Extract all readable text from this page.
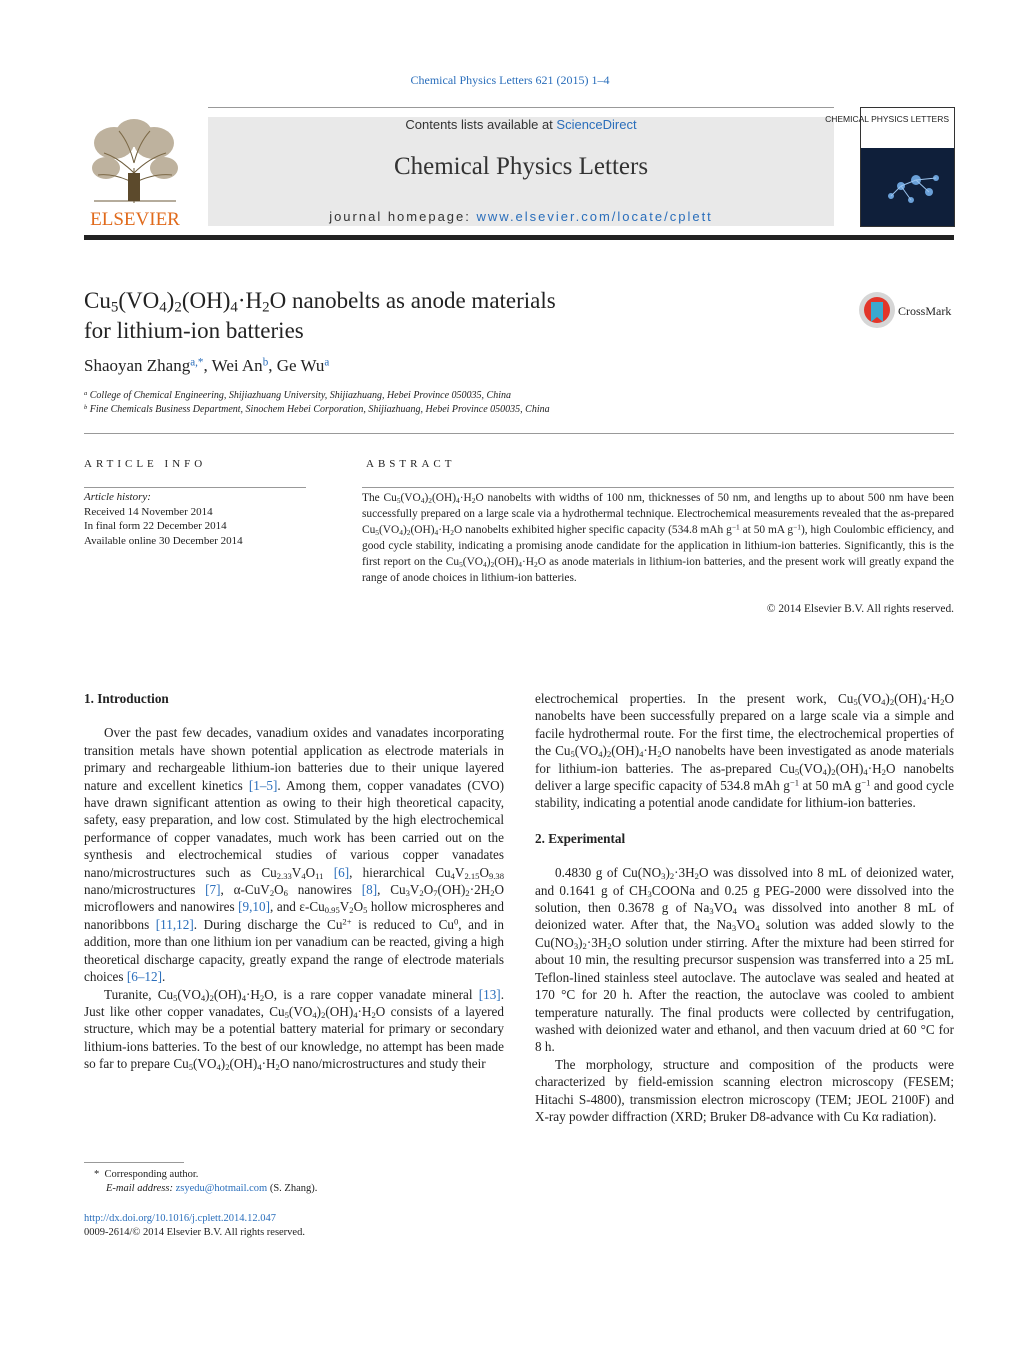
Chemical Physics Letters 621 (2015) 1–4
ELSEVIER
Contents lists available at ScienceDirect
Chemical Physics Letters
journal homepage: www.elsevier.com/locate/cplett
CHEMICAL PHYSICS LETTERS
$Cu_5(VO_4)_2(OH)_4\cdot H_2O$ nanobelts as anode materials
for lithium-ion batteries
CrossMark
Shaoyan Zhang$^{a,*}$, Wei An$^b$, Ge Wu$^a$
$^a$ College of Chemical Engineering, Shijiazhuang University, Shijiazhuang, Hebei Province 050035, China
$^b$ Fine Chemicals Business Department, Sinochem Hebei Corporation, Shijiazhuang, Hebei Province 050035, China
ARTICLE INFO
Article history:
Received 14 November 2014
In final form 22 December 2014
Available online 30 December 2014
ABSTRACT
The $Cu_5(VO_4)_2(OH)_4\cdot H_2O$ nanobelts with widths of 100 nm, thicknesses of 50 nm, and lengths up to about 500 nm have been successfully prepared on a large scale via a hydrothermal technique. Electrochemical measurements revealed that the as-prepared $Cu_5(VO_4)_2(OH)_4\cdot H_2O$ nanobelts exhibited higher specific capacity (534.8 mAh $g^{-1}$ at 50 mA $g^{-1}$), high Coulombic efficiency, and good cycle stability, indicating a promising anode candidate for the application in lithium-ion batteries. Significantly, this is the first report on the $Cu_5(VO_4)_2(OH)_4\cdot H_2O$ as anode materials in lithium-ion batteries, and the present work will greatly expand the range of anode choices in lithium-ion batteries.
© 2014 Elsevier B.V. All rights reserved.
1. Introduction

Over the past few decades, vanadium oxides and vanadates incorporating transition metals have shown potential application as electrode materials in primary and rechargeable lithium-ion batteries due to their unique layered nature and excellent kinetics [1–5]. Among them, copper vanadates (CVO) have drawn significant attention as owing to their high theoretical capacity, safety, easy preparation, and low cost. Stimulated by the high electrochemical performance of copper vanadates, much work has been carried out on the synthesis and electrochemical studies of various copper vanadates nano/microstructures such as $Cu_{2.33}V_4O_{11}$ [6], hierarchical $Cu_4V_{2.15}O_{9.38}$ nano/microstructures [7], $\alpha-CuV_2O_6$ nanowires [8], $Cu_3V_2O_7(OH)_2\cdot 2H_2O$ microflowers and nanowires [9,10], and $\varepsilon-Cu_{0.95}V_2O_5$ hollow microspheres and nanoribbons [11,12]. During discharge the $Cu^{2+}$ is reduced to Cu$^0$, and in addition, more than one lithium ion per vanadium can be reacted, giving a high theoretical discharge capacity, greatly expand the range of electrode materials choices [6–12].

Turanite, $Cu_5(VO_4)_2(OH)_4\cdot H_2O$, is a rare copper vanadate mineral [13]. Just like other copper vanadates, $Cu_5(VO_4)_2(OH)_4\cdot H_2O$ consists of a layered structure, which may be a potential battery material for primary or secondary lithium-ions batteries. To the best of our knowledge, no attempt has been made so far to prepare $Cu_5(VO_4)_2(OH)_4\cdot H_2O$ nano/microstructures and study their

electrochemical properties. In the present work, $Cu_5(VO_4)_2(OH)_4\cdot H_2O$ nanobelts have been successfully prepared on a large scale via a simple and facile hydrothermal route. For the first time, the electrochemical properties of the $Cu_5(VO_4)_2(OH)_4\cdot H_2O$ nanobelts have been investigated as anode materials for lithium-ion batteries. The as-prepared $Cu_5(VO_4)_2(OH)_4\cdot H_2O$ nanobelts deliver a large specific capacity of 534.8 mAh $g^{-1}$ at 50 mA $g^{-1}$ and good cycle stability, indicating a potential anode candidate for lithium-ion batteries.

2. Experimental

0.4830 g of $Cu(NO_3)_2\cdot 3H_2O$ was dissolved into 8 mL of deionized water, and 0.1641 g of $CH_3COONa$ and 0.25 g PEG-2000 were dissolved into the solution, then 0.3678 g of $Na_3VO_4$ was dissolved into another 8 mL of deionized water. After that, the $Na_3VO_4$ solution was added slowly to the $Cu(NO_3)_2\cdot 3H_2O$ solution under stirring. After the mixture had been stirred for about 10 min, the resulting precursor suspension was transferred into a 25 mL Teflon-lined stainless steel autoclave. The autoclave was sealed and heated at 170 °C for 20 h. After the reaction, the autoclave was cooled to ambient temperature naturally. The final products were collected by centrifugation, washed with deionized water and ethanol, and then vacuum dried at 60 °C for 8 h.

The morphology, structure and composition of the products were characterized by field-emission scanning electron microscopy (FESEM; Hitachi S-4800), transmission electron microscopy (TEM; JEOL 2100F) and X-ray powder diffraction (XRD; Bruker D8-advance with Cu Kα radiation).

*  Corresponding author.
E-mail address: zsyedu@hotmail.com (S. Zhang).
http://dx.doi.org/10.1016/j.cplett.2014.12.047
0009-2614/© 2014 Elsevier B.V. All rights reserved.
